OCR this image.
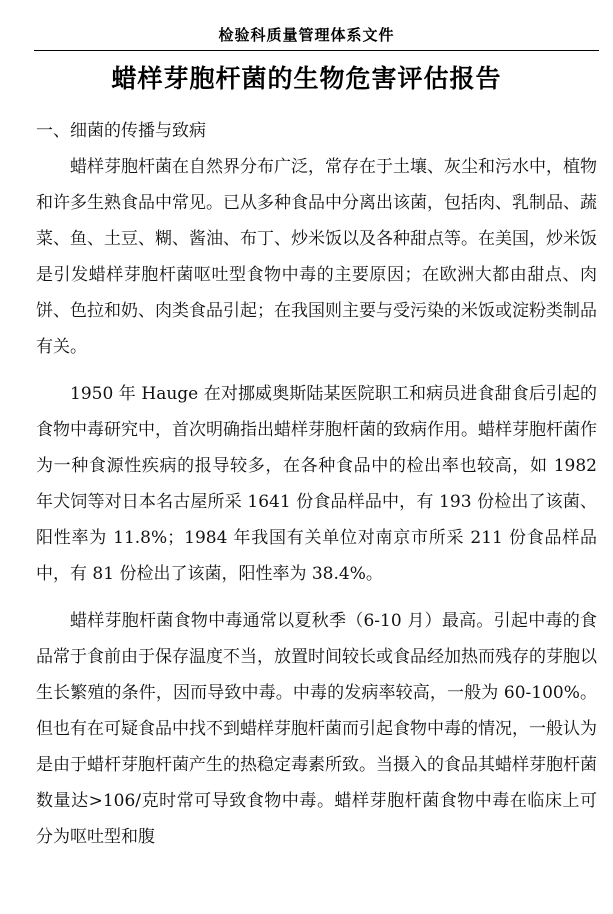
检验科质量管理体系文件
蜡样芽胞杆菌的生物危害评估报告

一、细菌的传播与致病

蜡样芽胞杆菌在自然界分布广泛，常存在于土壤、灰尘和污水中，植物和许多生熟食品中常见。已从多种食品中分离出该菌，包括肉、乳制品、蔬菜、鱼、土豆、糊、酱油、布丁、炒米饭以及各种甜点等。在美国，炒米饭是引发蜡样芽胞杆菌呕吐型食物中毒的主要原因；在欧洲大都由甜点、肉饼、色拉和奶、肉类食品引起；在我国则主要与受污染的米饭或淀粉类制品有关。

1950 年 Hauge 在对挪威奥斯陆某医院职工和病员进食甜食后引起的食物中毒研究中，首次明确指出蜡样芽胞杆菌的致病作用。蜡样芽胞杆菌作为一种食源性疾病的报导较多，在各种食品中的检出率也较高，如 1982 年犬饲等对日本名古屋所采 1641 份食品样品中，有 193 份检出了该菌、阳性率为 11.8%；1984 年我国有关单位对南京市所采 211 份食品样品中，有 81 份检出了该菌，阳性率为 38.4%。

蜡样芽胞杆菌食物中毒通常以夏秋季（6-10 月）最高。引起中毒的食品常于食前由于保存温度不当，放置时间较长或食品经加热而残存的芽胞以生长繁殖的条件，因而导致中毒。中毒的发病率较高，一般为 60-100%。但也有在可疑食品中找不到蜡样芽胞杆菌而引起食物中毒的情况，一般认为是由于蜡杆芽胞杆菌产生的热稳定毒素所致。当摄入的食品其蜡样芽胞杆菌数量达>106/克时常可导致食物中毒。蜡样芽胞杆菌食物中毒在临床上可分为呕吐型和腹
